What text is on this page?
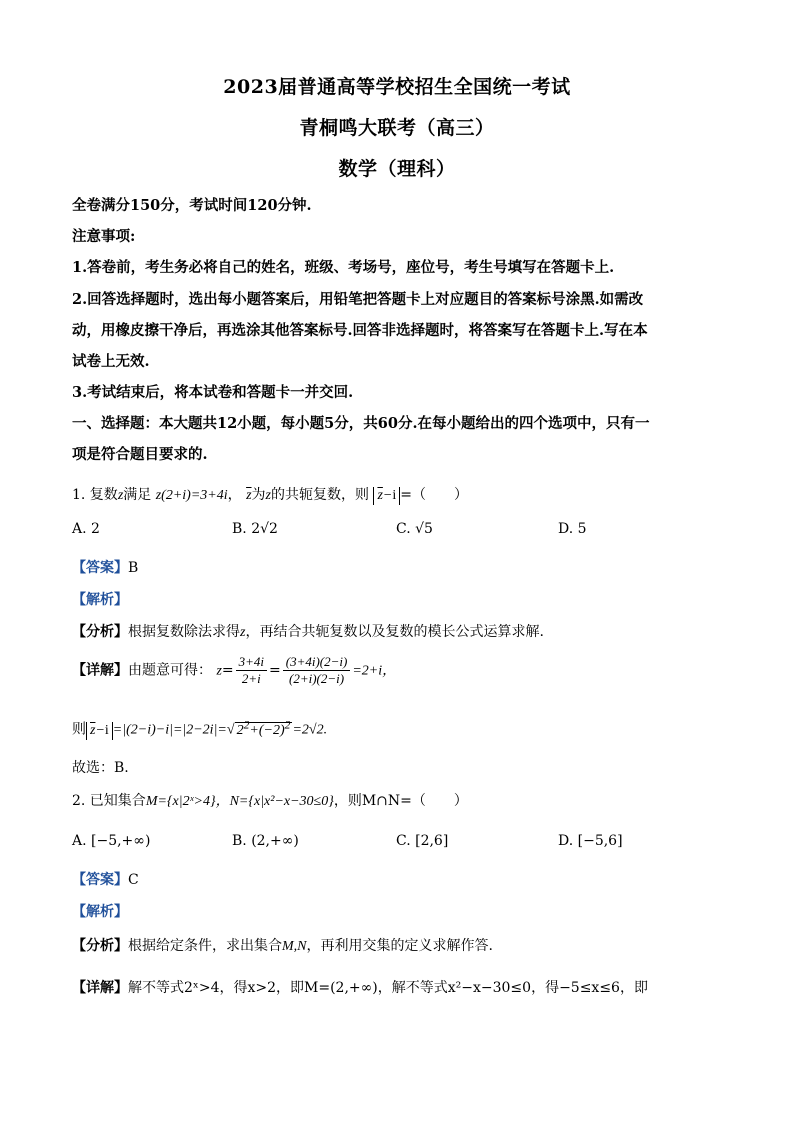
2023届普通高等学校招生全国统一考试
青桐鸣大联考（高三）
数学（理科）
全卷满分150分，考试时间120分钟.
注意事项:
1.答卷前，考生务必将自己的姓名，班级、考场号，座位号，考生号填写在答题卡上.
2.回答选择题时，选出每小题答案后，用铅笔把答题卡上对应题目的答案标号涂黑.如需改
动，用橡皮擦干净后，再选涂其他答案标号.回答非选择题时，将答案写在答题卡上.写在本
试卷上无效.
3.考试结束后，将本试卷和答题卡一并交回.
一、选择题：本大题共12小题，每小题5分，共60分.在每小题给出的四个选项中，只有一
项是符合题目要求的.
1. 复数z满足 z(2+i)=3+4i， $\overline{z}$为z的共轭复数，则 $\overline{z}-i$ =（　　）
A. 2	B. 2√2	C. √5	D. 5
【答案】B
【解析】
【分析】根据复数除法求得z，再结合共轭复数以及复数的模长公式运算求解.
【详解】由题意可得： $z= \frac{3+4i}{2+i} = \frac{(3+4i)(2-i)}{(2+i)(2-i)} =2+i$，
则 $\overline{z}-i =|(2-i)-i|=|2-2i|=√$ $2^2+(-2)^2 =2√2$.
故选：B.
2. 已知集合M={x|2ˣ>4}，N={x|x²−x−30≤0}，则M∩N=（　　）
A. [−5,+∞)	B. (2,+∞)	C. [2,6]	D. [−5,6]
【答案】C
【解析】
【分析】根据给定条件，求出集合M,N，再利用交集的定义求解作答.
【详解】解不等式2ˣ>4，得x>2，即M=(2,+∞)，解不等式x²−x−30≤0，得−5≤x≤6，即
